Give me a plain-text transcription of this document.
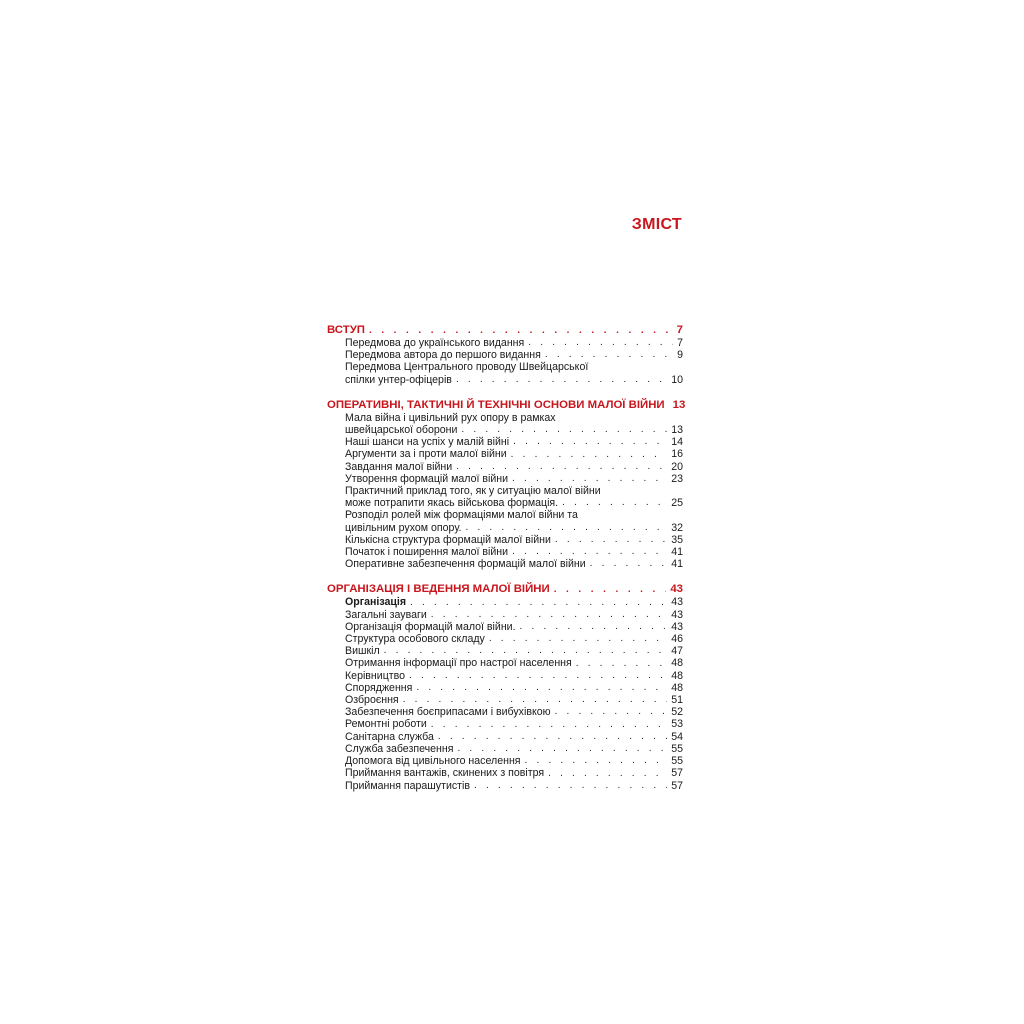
ЗМІСТ
ВСТУП . . .	7
Передмова до українського видання . . .	7
Передмова автора до першого видання . . .	9
Передмова Центрального проводу Швейцарської
спілки унтер-офіцерів . . .	10
ОПЕРАТИВНІ, ТАКТИЧНІ Й ТЕХНІЧНІ ОСНОВИ МАЛОЇ ВІЙНИ 13
Мала війна і цивільний рух опору в рамках
швейцарської оборони . . .	13
Наші шанси на успіх у малій війні . . .	14
Аргументи за і проти малої війни . . .	16
Завдання малої війни . . .	20
Утворення формацій малої війни . . .	23
Практичний приклад того, як у ситуацію малої війни
може потрапити якась військова формація. . . .	25
Розподіл ролей між формаціями малої війни та
цивільним рухом опору. . . .	32
Кількісна структура формацій малої війни . . .	35
Початок і поширення малої війни . . .	41
Оперативне забезпечення формацій малої війни . . .	41
ОРГАНІЗАЦІЯ І ВЕДЕННЯ МАЛОЇ ВІЙНИ . . .	43
Організація . . .	43
Загальні зауваги . . .	43
Організація формацій малої війни. . . .	43
Структура особового складу . . .	46
Вишкіл . . .	47
Отримання інформації про настрої населення . . .	48
Керівництво . . .	48
Спорядження . . .	48
Озброєння . . .	51
Забезпечення боєприпасами і вибухівкою . . .	52
Ремонтні роботи . . .	53
Санітарна служба . . .	54
Служба забезпечення . . .	55
Допомога від цивільного населення . . .	55
Приймання вантажів, скинених з повітря . . .	57
Приймання парашутистів . . .	57
